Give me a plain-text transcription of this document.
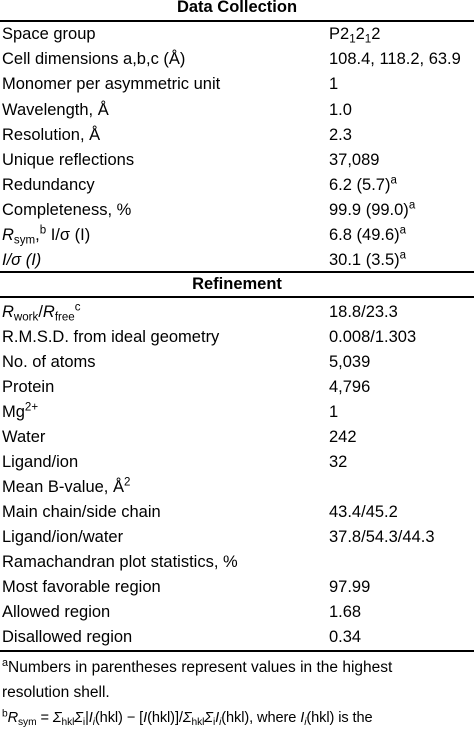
Data Collection
Space group	$P2_12_12$
Cell dimensions a,b,c (Å)	108.4, 118.2, 63.9
Monomer per asymmetric unit	1
Wavelength, Å	1.0
Resolution, Å	2.3
Unique reflections	37,089
Redundancy	6.2 $(5.7)^a$
Completeness, %	99.9 $(99.0)^a$
$R_{sym},^b$ I/σ (I)	6.8 $(49.6)^a$
I/σ (I)	30.1 $(3.5)^a$
Refinement
$R_{work}/R_{free}^c$	18.8/23.3
R.M.S.D. from ideal geometry	0.008/1.303
No. of atoms	5,039
Protein	4,796
$Mg^{2+}$	1
Water	242
Ligand/ion	32
Mean B-value, $Å^2$
Main chain/side chain	43.4/45.2
Ligand/ion/water	37.8/54.3/44.3
Ramachandran plot statistics, %
Most favorable region	97.99
Allowed region	1.68
Disallowed region	0.34
$^a$Numbers in parentheses represent values in the highest
resolution shell.
$^bR_{sym} = \Sigma_{hkl}\Sigma_i|I_i(hkl) - [I(hkl)]/\Sigma_{hkl}\Sigma_iI_i(hkl)$, where $I_i(hkl)$ is the
